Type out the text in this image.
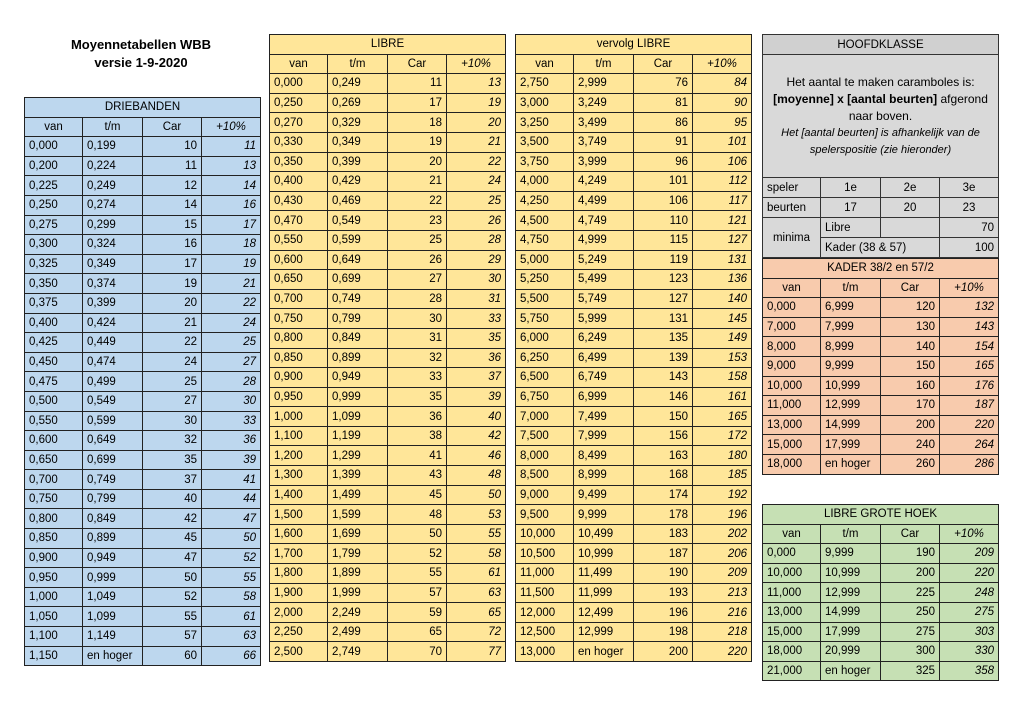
Moyennetabellen WBB
versie 1-9-2020
DRIEBANDEN			
van	t/m	Car	+10%
0,000	0,199	10	11
0,200	0,224	11	13
0,225	0,249	12	14
0,250	0,274	14	16
0,275	0,299	15	17
0,300	0,324	16	18
0,325	0,349	17	19
0,350	0,374	19	21
0,375	0,399	20	22
0,400	0,424	21	24
0,425	0,449	22	25
0,450	0,474	24	27
0,475	0,499	25	28
0,500	0,549	27	30
0,550	0,599	30	33
0,600	0,649	32	36
0,650	0,699	35	39
0,700	0,749	37	41
0,750	0,799	40	44
0,800	0,849	42	47
0,850	0,899	45	50
0,900	0,949	47	52
0,950	0,999	50	55
1,000	1,049	52	58
1,050	1,099	55	61
1,100	1,149	57	63
1,150	en hoger	60	66
LIBRE			
van	t/m	Car	+10%
0,000	0,249	11	13
0,250	0,269	17	19
0,270	0,329	18	20
0,330	0,349	19	21
0,350	0,399	20	22
0,400	0,429	21	24
0,430	0,469	22	25
0,470	0,549	23	26
0,550	0,599	25	28
0,600	0,649	26	29
0,650	0,699	27	30
0,700	0,749	28	31
0,750	0,799	30	33
0,800	0,849	31	35
0,850	0,899	32	36
0,900	0,949	33	37
0,950	0,999	35	39
1,000	1,099	36	40
1,100	1,199	38	42
1,200	1,299	41	46
1,300	1,399	43	48
1,400	1,499	45	50
1,500	1,599	48	53
1,600	1,699	50	55
1,700	1,799	52	58
1,800	1,899	55	61
1,900	1,999	57	63
2,000	2,249	59	65
2,250	2,499	65	72
2,500	2,749	70	77
vervolg LIBRE			
van	t/m	Car	+10%
2,750	2,999	76	84
3,000	3,249	81	90
3,250	3,499	86	95
3,500	3,749	91	101
3,750	3,999	96	106
4,000	4,249	101	112
4,250	4,499	106	117
4,500	4,749	110	121
4,750	4,999	115	127
5,000	5,249	119	131
5,250	5,499	123	136
5,500	5,749	127	140
5,750	5,999	131	145
6,000	6,249	135	149
6,250	6,499	139	153
6,500	6,749	143	158
6,750	6,999	146	161
7,000	7,499	150	165
7,500	7,999	156	172
8,000	8,499	163	180
8,500	8,999	168	185
9,000	9,499	174	192
9,500	9,999	178	196
10,000	10,499	183	202
10,500	10,999	187	206
11,000	11,499	190	209
11,500	11,999	193	213
12,000	12,499	196	216
12,500	12,999	198	218
13,000	en hoger	200	220
KADER 38/2 en 57/2			
van	t/m	Car	+10%
0,000	6,999	120	132
7,000	7,999	130	143
8,000	8,999	140	154
9,000	9,999	150	165
10,000	10,999	160	176
11,000	12,999	170	187
13,000	14,999	200	220
15,000	17,999	240	264
18,000	en hoger	260	286
LIBRE GROTE HOEK			
van	t/m	Car	+10%
0,000	9,999	190	209
10,000	10,999	200	220
11,000	12,999	225	248
13,000	14,999	250	275
15,000	17,999	275	303
18,000	20,999	300	330
21,000	en hoger	325	358
HOOFDKLASSE			

Het aantal te maken caramboles is:
[moyenne] x [aantal beurten] afgerond naar boven.
Het [aantal beurten] is afhankelijk van de spelerspositie (zie hieronder)			

speler	1e	2e	3e
beurten	17	20	23
minima	Libre		70
	Kader (38 & 57)		100
